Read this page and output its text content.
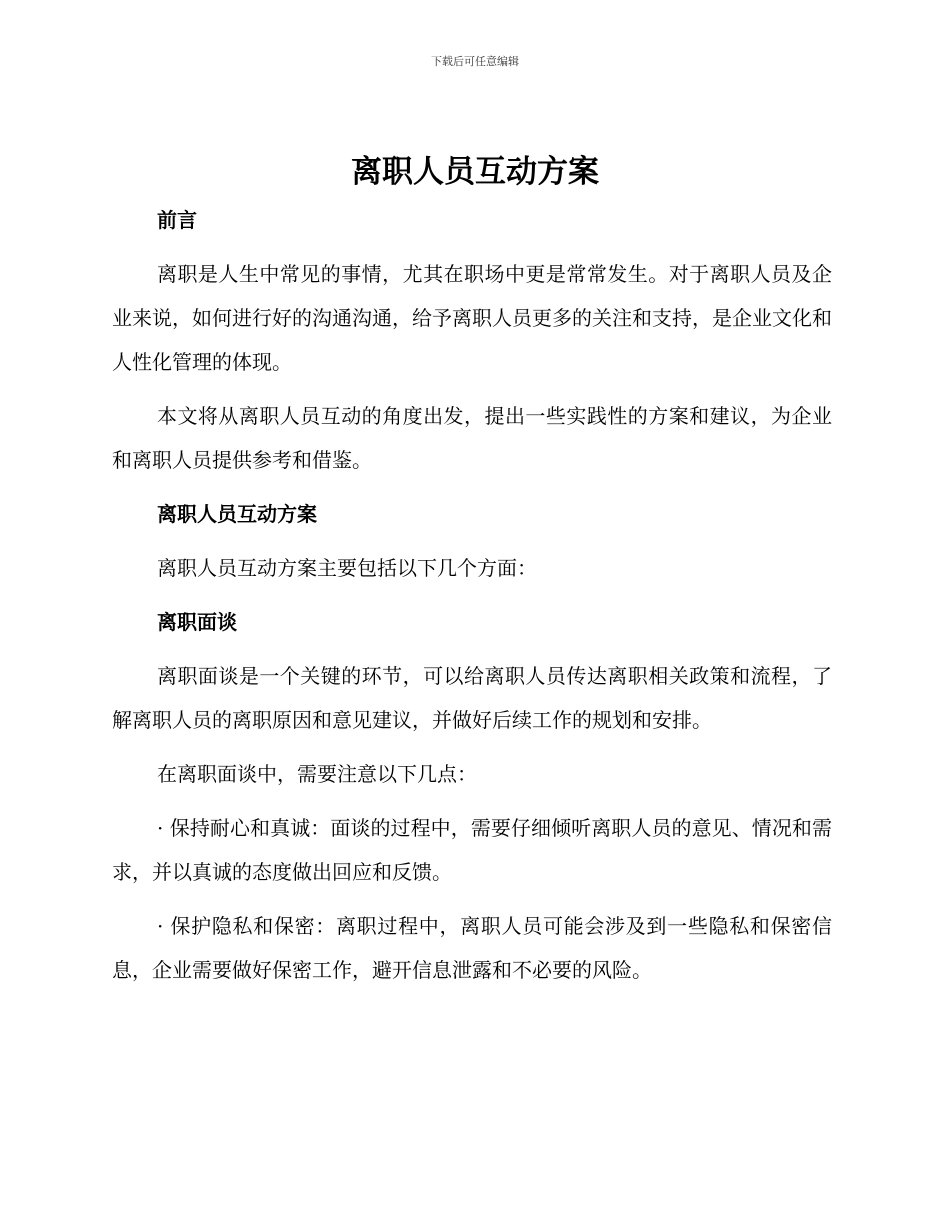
下载后可任意编辑
离职人员互动方案
前言

离职是人生中常见的事情，尤其在职场中更是常常发生。对于离职人员及企业来说，如何进行好的沟通沟通，给予离职人员更多的关注和支持，是企业文化和人性化管理的体现。

本文将从离职人员互动的角度出发，提出一些实践性的方案和建议，为企业和离职人员提供参考和借鉴。

离职人员互动方案

离职人员互动方案主要包括以下几个方面：

离职面谈

离职面谈是一个关键的环节，可以给离职人员传达离职相关政策和流程，了解离职人员的离职原因和意见建议，并做好后续工作的规划和安排。

在离职面谈中，需要注意以下几点：

· 保持耐心和真诚：面谈的过程中，需要仔细倾听离职人员的意见、情况和需求，并以真诚的态度做出回应和反馈。

· 保护隐私和保密：离职过程中，离职人员可能会涉及到一些隐私和保密信息，企业需要做好保密工作，避开信息泄露和不必要的风险。
